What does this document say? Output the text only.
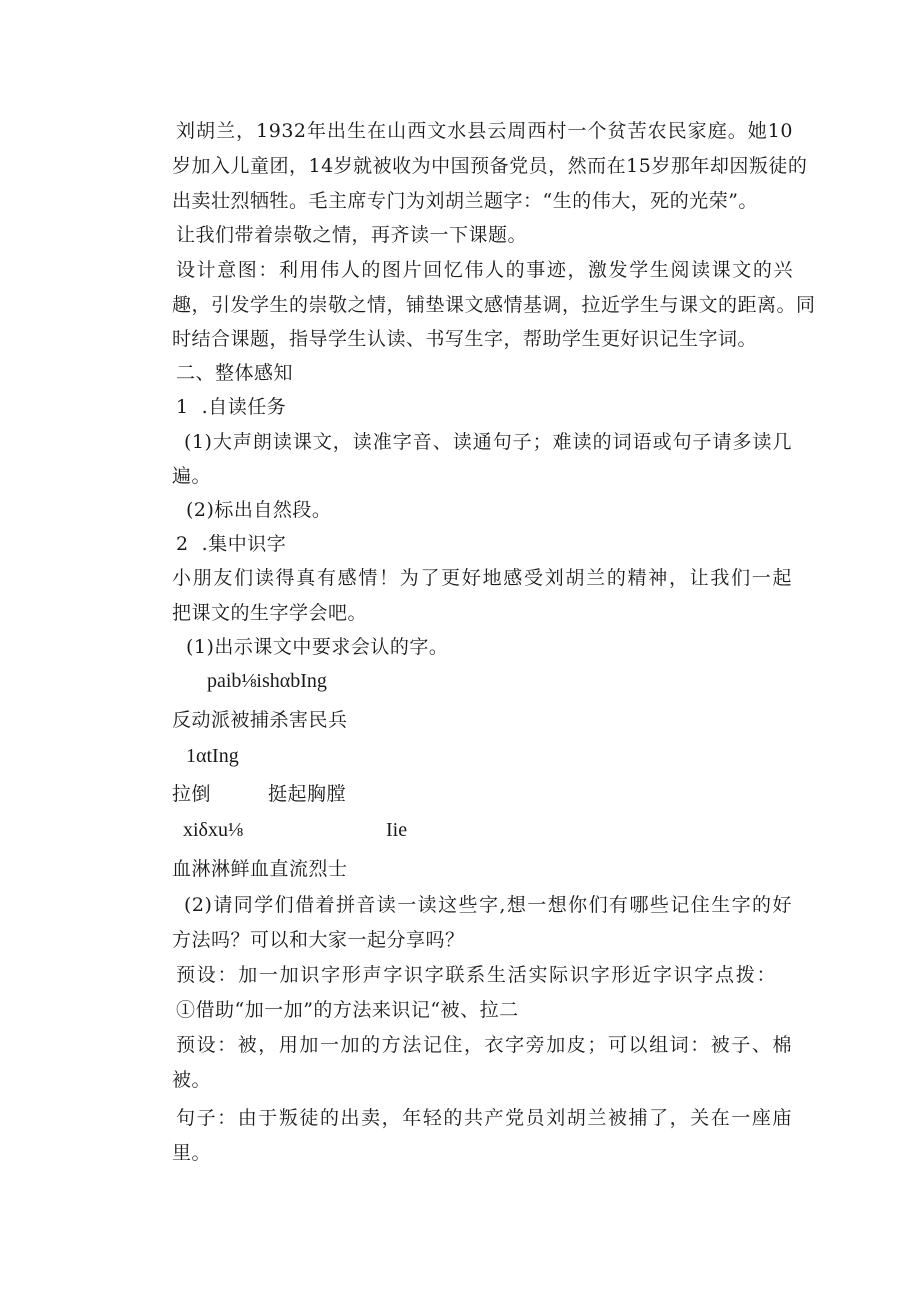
刘胡兰，1932年出生在山西文水县云周西村一个贫苦农民家庭。她10
岁加入儿童团，14岁就被收为中国预备党员，然而在15岁那年却因叛徒的
出卖壮烈牺牲。毛主席专门为刘胡兰题字：“生的伟大，死的光荣”。
让我们带着崇敬之情，再齐读一下课题。
设计意图：利用伟人的图片回忆伟人的事迹，激发学生阅读课文的兴
趣，引发学生的崇敬之情，铺垫课文感情基调，拉近学生与课文的距离。同
时结合课题，指导学生认读、书写生字，帮助学生更好识记生字词。
二、整体感知
1  .自读任务
(1)大声朗读课文，读准字音、读通句子；难读的词语或句子请多读几
遍。
(2)标出自然段。
2  .集中识字
小朋友们读得真有感情！为了更好地感受刘胡兰的精神，让我们一起
把课文的生字学会吧。
(1)出示课文中要求会认的字。
paib⅛ishαbIng
反动派被捕杀害民兵
1αtIng
拉倒	挺起胸膛
xiδxu⅛	Iie
血淋淋鲜血直流烈士
(2)请同学们借着拼音读一读这些字,想一想你们有哪些记住生字的好
方法吗？可以和大家一起分享吗？
预设：加一加识字形声字识字联系生活实际识字形近字识字点拨：
①借助“加一加”的方法来识记“被、拉二
预设：被，用加一加的方法记住，衣字旁加皮；可以组词：被子、棉
被。
句子：由于叛徒的出卖，年轻的共产党员刘胡兰被捕了，关在一座庙
里。
